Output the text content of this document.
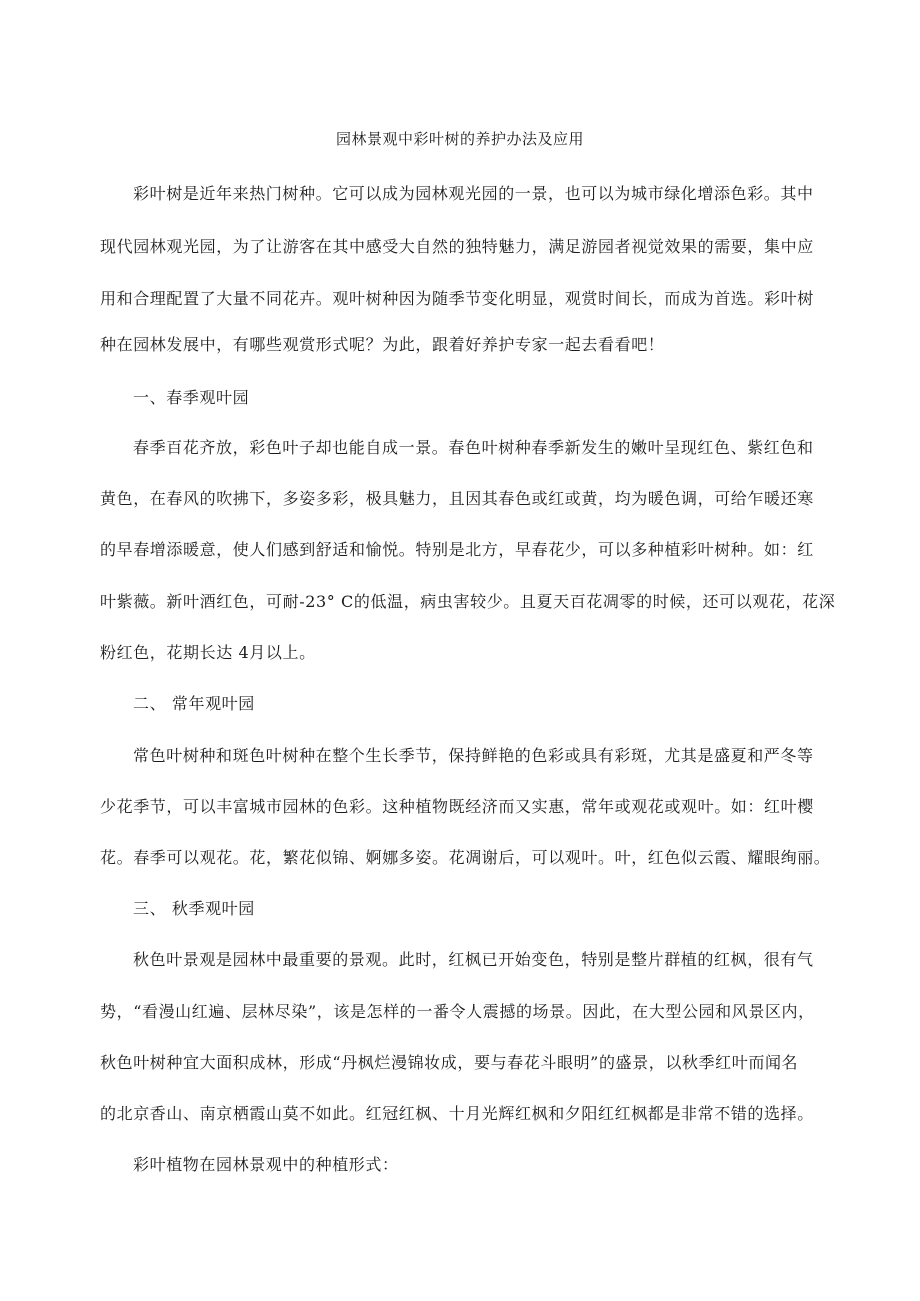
园林景观中彩叶树的养护办法及应用
彩叶树是近年来热门树种。它可以成为园林观光园的一景，也可以为城市绿化增添色彩。其中
现代园林观光园，为了让游客在其中感受大自然的独特魅力，满足游园者视觉效果的需要，集中应
用和合理配置了大量不同花卉。观叶树种因为随季节变化明显，观赏时间长，而成为首选。彩叶树
种在园林发展中，有哪些观赏形式呢？为此，跟着好养护专家一起去看看吧！
一、春季观叶园
春季百花齐放，彩色叶子却也能自成一景。春色叶树种春季新发生的嫩叶呈现红色、紫红色和
黄色，在春风的吹拂下，多姿多彩，极具魅力，且因其春色或红或黄，均为暖色调，可给乍暖还寒
的早春增添暖意，使人们感到舒适和愉悦。特别是北方，早春花少，可以多种植彩叶树种。如：红
叶紫薇。新叶酒红色，可耐-23° C的低温，病虫害较少。且夏天百花凋零的时候，还可以观花，花深
粉红色，花期长达 4月以上。
二、 常年观叶园
常色叶树种和斑色叶树种在整个生长季节，保持鲜艳的色彩或具有彩斑，尤其是盛夏和严冬等
少花季节，可以丰富城市园林的色彩。这种植物既经济而又实惠，常年或观花或观叶。如：红叶樱
花。春季可以观花。花，繁花似锦、婀娜多姿。花凋谢后，可以观叶。叶，红色似云霞、耀眼绚丽。
三、 秋季观叶园
秋色叶景观是园林中最重要的景观。此时，红枫已开始变色，特别是整片群植的红枫，很有气
势，“看漫山红遍、层林尽染”，该是怎样的一番令人震撼的场景。因此，在大型公园和风景区内，
秋色叶树种宜大面积成林，形成“丹枫烂漫锦妆成，要与春花斗眼明”的盛景，以秋季红叶而闻名
的北京香山、南京栖霞山莫不如此。红冠红枫、十月光辉红枫和夕阳红红枫都是非常不错的选择。
彩叶植物在园林景观中的种植形式：
